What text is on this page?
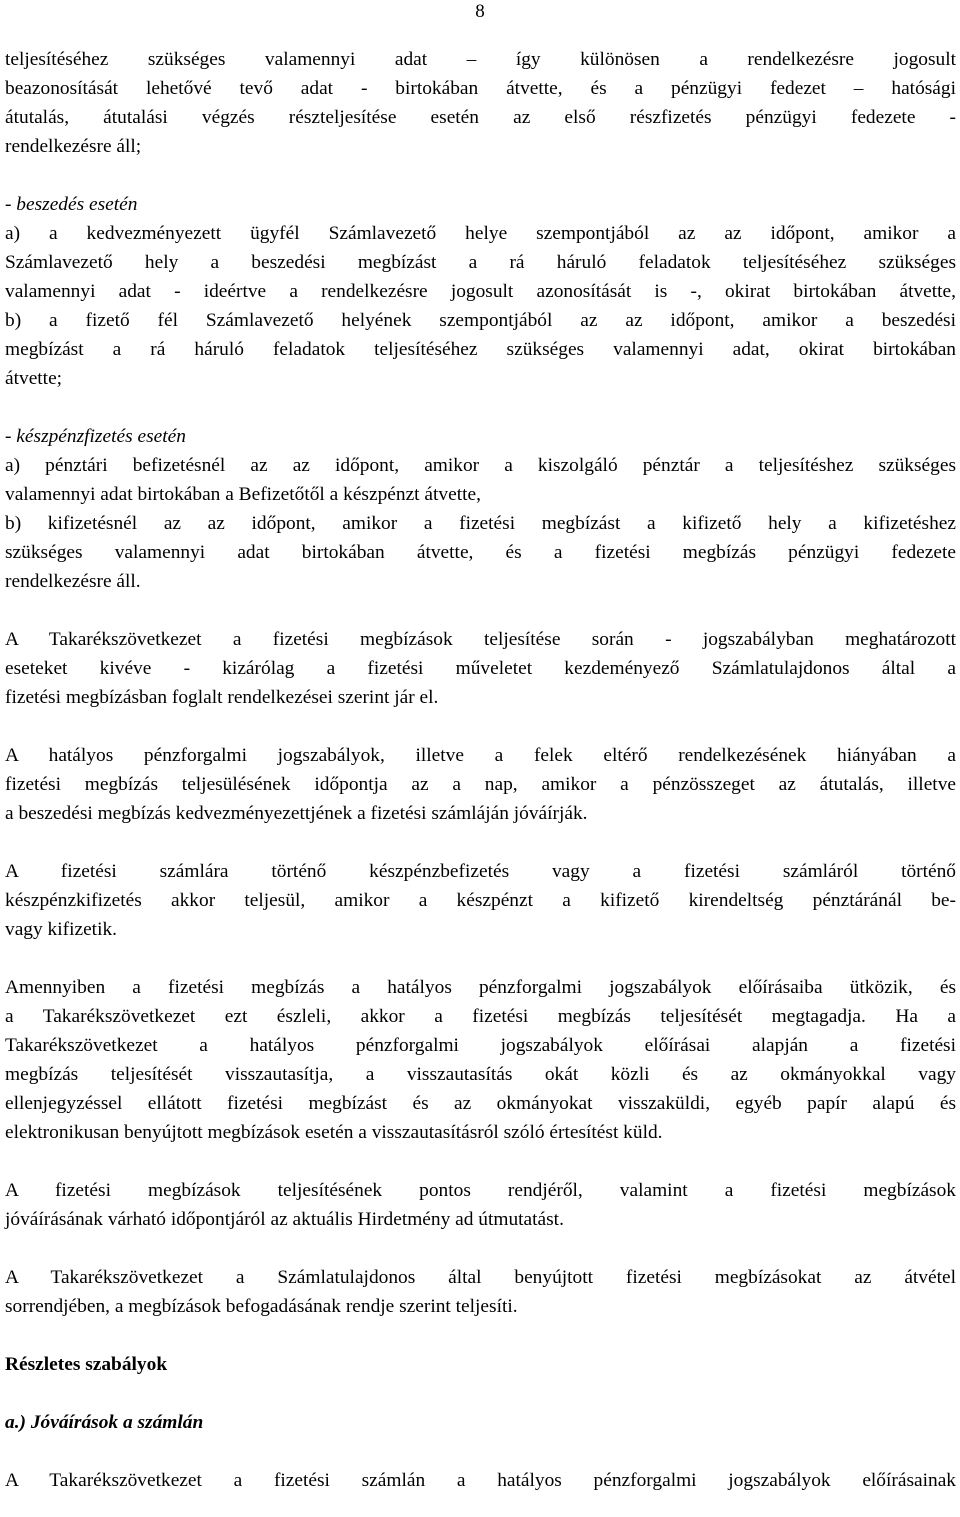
8
teljesítéséhez szükséges valamennyi adat – így különösen a rendelkezésre jogosult
beazonosítását lehetővé tevő adat - birtokában átvette, és a pénzügyi fedezet – hatósági
átutalás, átutalási végzés részteljesítése esetén az első részfizetés pénzügyi fedezete -
rendelkezésre áll;
- beszedés esetén
a) a kedvezményezett ügyfél Számlavezető helye szempontjából az az időpont, amikor a
Számlavezető hely a beszedési megbízást a rá háruló feladatok teljesítéséhez szükséges
valamennyi adat - ideértve a rendelkezésre jogosult azonosítását is -, okirat birtokában átvette,
b) a fizető fél Számlavezető helyének szempontjából az az időpont, amikor a beszedési
megbízást a rá háruló feladatok teljesítéséhez szükséges valamennyi adat, okirat birtokában
átvette;
- készpénzfizetés esetén
a) pénztári befizetésnél az az időpont, amikor a kiszolgáló pénztár a teljesítéshez szükséges
valamennyi adat birtokában a Befizetőtől a készpénzt átvette,
b) kifizetésnél az az időpont, amikor a fizetési megbízást a kifizető hely a kifizetéshez
szükséges valamennyi adat birtokában átvette, és a fizetési megbízás pénzügyi fedezete
rendelkezésre áll.
A Takarékszövetkezet a fizetési megbízások teljesítése során - jogszabályban meghatározott
eseteket kivéve - kizárólag a fizetési műveletet kezdeményező Számlatulajdonos által a
fizetési megbízásban foglalt rendelkezései szerint jár el.
A hatályos pénzforgalmi jogszabályok, illetve a felek eltérő rendelkezésének hiányában a
fizetési megbízás teljesülésének időpontja az a nap, amikor a pénzösszeget az átutalás, illetve
a beszedési megbízás kedvezményezettjének a fizetési számláján jóváírják.
A fizetési számlára történő készpénzbefizetés vagy a fizetési számláról történő
készpénzkifizetés akkor teljesül, amikor a készpénzt a kifizető kirendeltség pénztáránál be-
vagy kifizetik.
Amennyiben a fizetési megbízás a hatályos pénzforgalmi jogszabályok előírásaiba ütközik, és
a Takarékszövetkezet ezt észleli, akkor a fizetési megbízás teljesítését megtagadja. Ha a
Takarékszövetkezet a hatályos pénzforgalmi jogszabályok előírásai alapján a fizetési
megbízás teljesítését visszautasítja, a visszautasítás okát közli és az okmányokkal vagy
ellenjegyzéssel ellátott fizetési megbízást és az okmányokat visszaküldi, egyéb papír alapú és
elektronikusan benyújtott megbízások esetén a visszautasításról szóló értesítést küld.
A fizetési megbízások teljesítésének pontos rendjéről, valamint a fizetési megbízások
jóváírásának várható időpontjáról az aktuális Hirdetmény ad útmutatást.
A Takarékszövetkezet a Számlatulajdonos által benyújtott fizetési megbízásokat az átvétel
sorrendjében, a megbízások befogadásának rendje szerint teljesíti.
Részletes szabályok
a.) Jóváírások a számlán
A Takarékszövetkezet a fizetési számlán a hatályos pénzforgalmi jogszabályok előírásainak
